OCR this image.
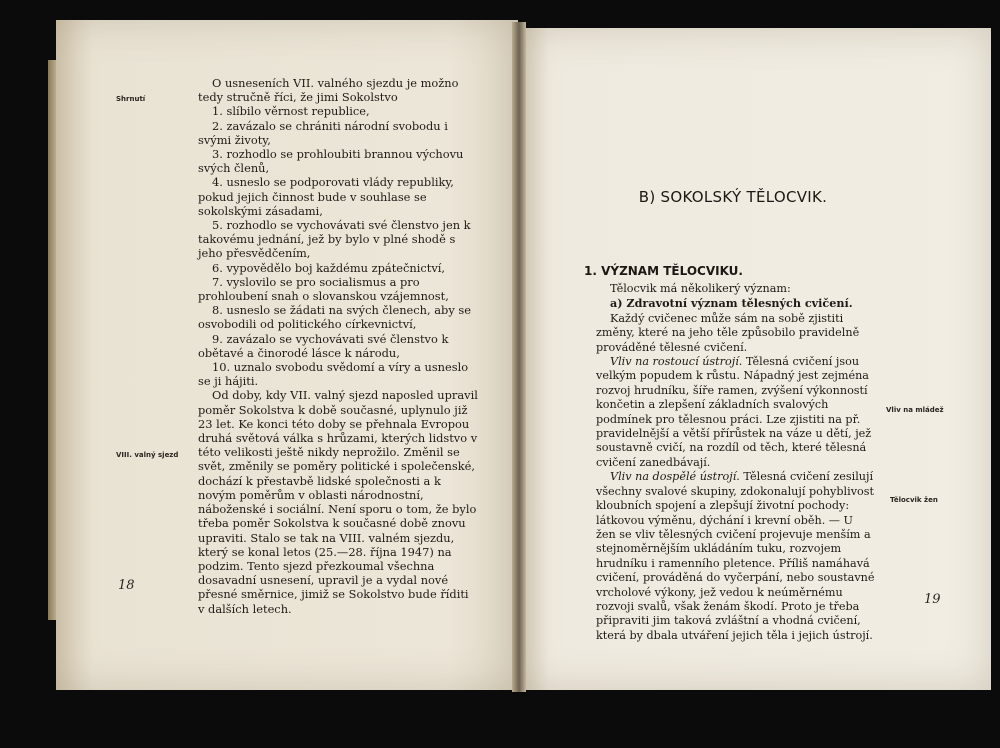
Shrnutí
VIII. valný sjezd

O usneseních VII. valného sjezdu je možno tedy stručně říci, že jimi Sokolstvo

1. slíbilo věrnost republice,

2. zavázalo se chrániti národní svobodu i svými životy,

3. rozhodlo se prohloubiti brannou výchovu svých členů,

4. usneslo se podporovati vlády republiky, pokud jejich činnost bude v souhlase se sokolskými zásadami,

5. rozhodlo se vychovávati své členstvo jen k takovému jednání, jež by bylo v plné shodě s jeho přesvědčením,

6. vypovědělo boj každému zpátečnictví,

7. vyslovilo se pro socialismus a pro prohloubení snah o slovanskou vzájemnost,

8. usneslo se žádati na svých členech, aby se osvobodili od politického církevnictví,

9. zavázalo se vychovávati své členstvo k obětavé a činorodé lásce k národu,

10. uznalo svobodu svědomí a víry a usneslo se ji hájiti.

Od doby, kdy VII. valný sjezd naposled upravil poměr Sokolstva k době současné, uplynulo již 23 let. Ke konci této doby se přehnala Evropou druhá světová válka s hrůzami, kterých lidstvo v této velikosti ještě nikdy neprožilo. Změnil se svět, změnily se poměry politické i společenské, dochází k přestavbě lidské společnosti a k novým poměrům v oblasti národnostní, náboženské i sociální. Není sporu o tom, že bylo třeba poměr Sokolstva k současné době znovu upraviti. Stalo se tak na VIII. valném sjezdu, který se konal letos (25.—28. října 1947) na podzim. Tento sjezd přezkoumal všechna dosavadní usnesení, upravil je a vydal nové přesné směrnice, jimiž se Sokolstvo bude říditi v dalších letech.

18
B) SOKOLSKÝ TĚLOCVIK.
1. VÝZNAM TĚLOCVIKU.

Tělocvik má několikerý význam:

a) Zdravotní význam tělesných cvičení.

Každý cvičenec může sám na sobě zjistiti změny, které na jeho těle způsobilo pravidelně prováděné tělesné cvičení.

Vliv na rostoucí ústrojí. Tělesná cvičení jsou velkým popudem k růstu. Nápadný jest zejména rozvoj hrudníku, šíře ramen, zvýšení výkonností končetin a zlepšení základních svalových podmínek pro tělesnou práci. Lze zjistiti na př. pravidelnější a větší přírůstek na váze u dětí, jež soustavně cvičí, na rozdíl od těch, které tělesná cvičení zanedbávají.

Vliv na dospělé ústrojí. Tělesná cvičení zesilují všechny svalové skupiny, zdokonalují pohyblivost kloubních spojení a zlepšují životní pochody: látkovou výměnu, dýchání i krevní oběh. — U žen se vliv tělesných cvičení projevuje menším a stejnoměrnějším ukládáním tuku, rozvojem hrudníku i ramenního pletence. Příliš namáhavá cvičení, prováděná do vyčerpání, nebo soustavné vrcholové výkony, jež vedou k neúměrnému rozvoji svalů, však ženám škodí. Proto je třeba připraviti jim taková zvláštní a vhodná cvičení, která by dbala utváření jejich těla i jejich ústrojí.

Vliv na mládež
Tělocvik žen
19
